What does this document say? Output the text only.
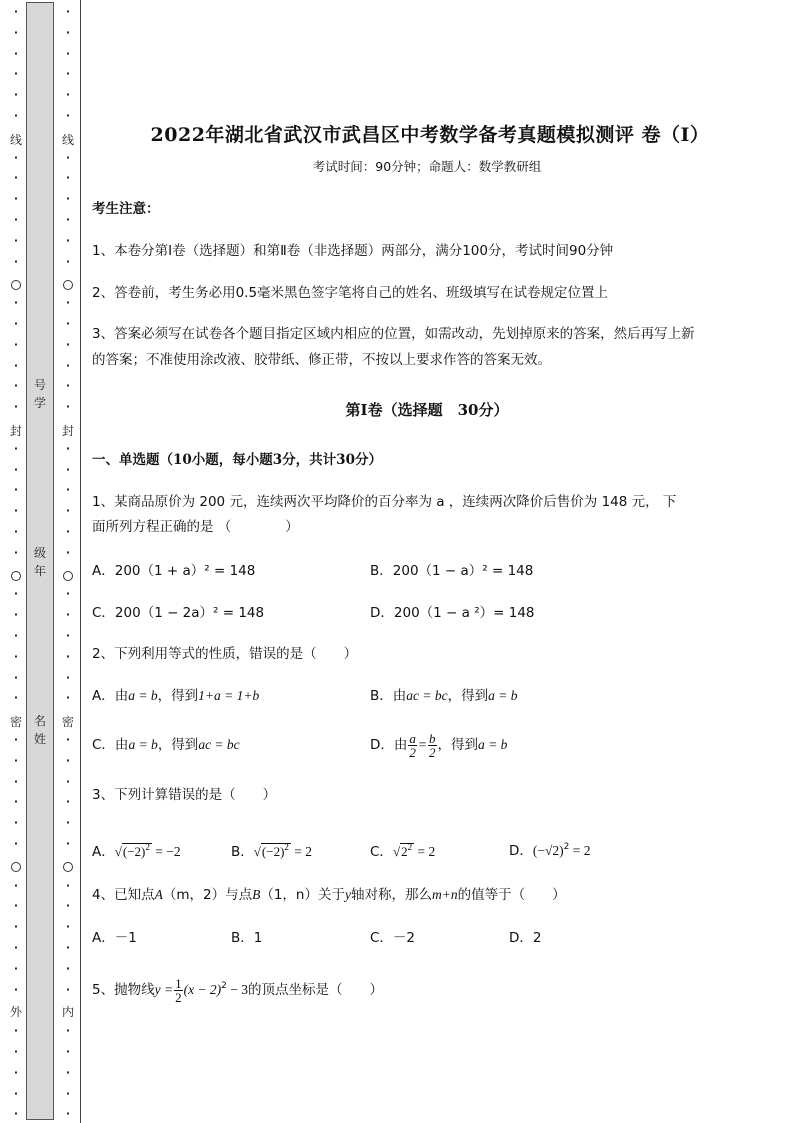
·
·
·
·
·
·
·
·
·
·
·
·
·
·
·
·
·
·
·
·
·
·
·
·
·
·
·
·
·
·
·
·
·
·
·
·
·
·
·
·
·
·
·
·
·
·
·
线
封
密
外
·
·
·
·
·
·
·
·
·
·
·
·
·
·
·
·
·
·
·
·
·
·
·
·
·
·
·
·
·
·
·
·
·
·
·
·
·
·
·
·
·
·
·
·
·
·
·
线
封
密
内
号
学
级
年
名
姓
2022年湖北省武汉市武昌区中考数学备考真题模拟测评 卷（Ⅰ）
考试时间：90分钟；命题人：数学教研组
考生注意：
1、本卷分第I卷（选择题）和第Ⅱ卷（非选择题）两部分，满分100分，考试时间90分钟
2、答卷前，考生务必用0.5毫米黑色签字笔将自己的姓名、班级填写在试卷规定位置上
3、答案必须写在试卷各个题目指定区域内相应的位置，如需改动，先划掉原来的答案，然后再写上新
的答案；不准使用涂改液、胶带纸、修正带，不按以上要求作答的答案无效。
第Ⅰ卷（选择题　30分）
一、单选题（10小题，每小题3分，共计30分）
1、某商品原价为 200 元，连续两次平均降价的百分率为 a ，连续两次降价后售价为 148 元， 下
面所列方程正确的是 （　　　　）
A．200（1 + a）² = 148	B．200（1 − a）² = 148
C．200（1 − 2a）² = 148	D．200（1 − a ²）= 148
2、下列利用等式的性质，错误的是（　　）
A．由a = b，得到1+a = 1+b	B．由ac = bc，得到a = b
C．由a = b，得到ac = bc	D．由 $\frac{a}{2} = \frac{b}{2}$ ，得到a = b
3、下列计算错误的是（　　）
A．$√(-2)^2 = -2$	B．$√(-2)^2 = 2$	C．$√2^2 = 2$	D．$(-√2)^2 = 2$
4、已知点A（m，2）与点B（1，n）关于y轴对称，那么m+n的值等于（　　）
A．－1	B．1	C．－2	D．2
5、抛物线$y = \frac{1}{2} (x - 2)^2 - 3$的顶点坐标是（　　）
